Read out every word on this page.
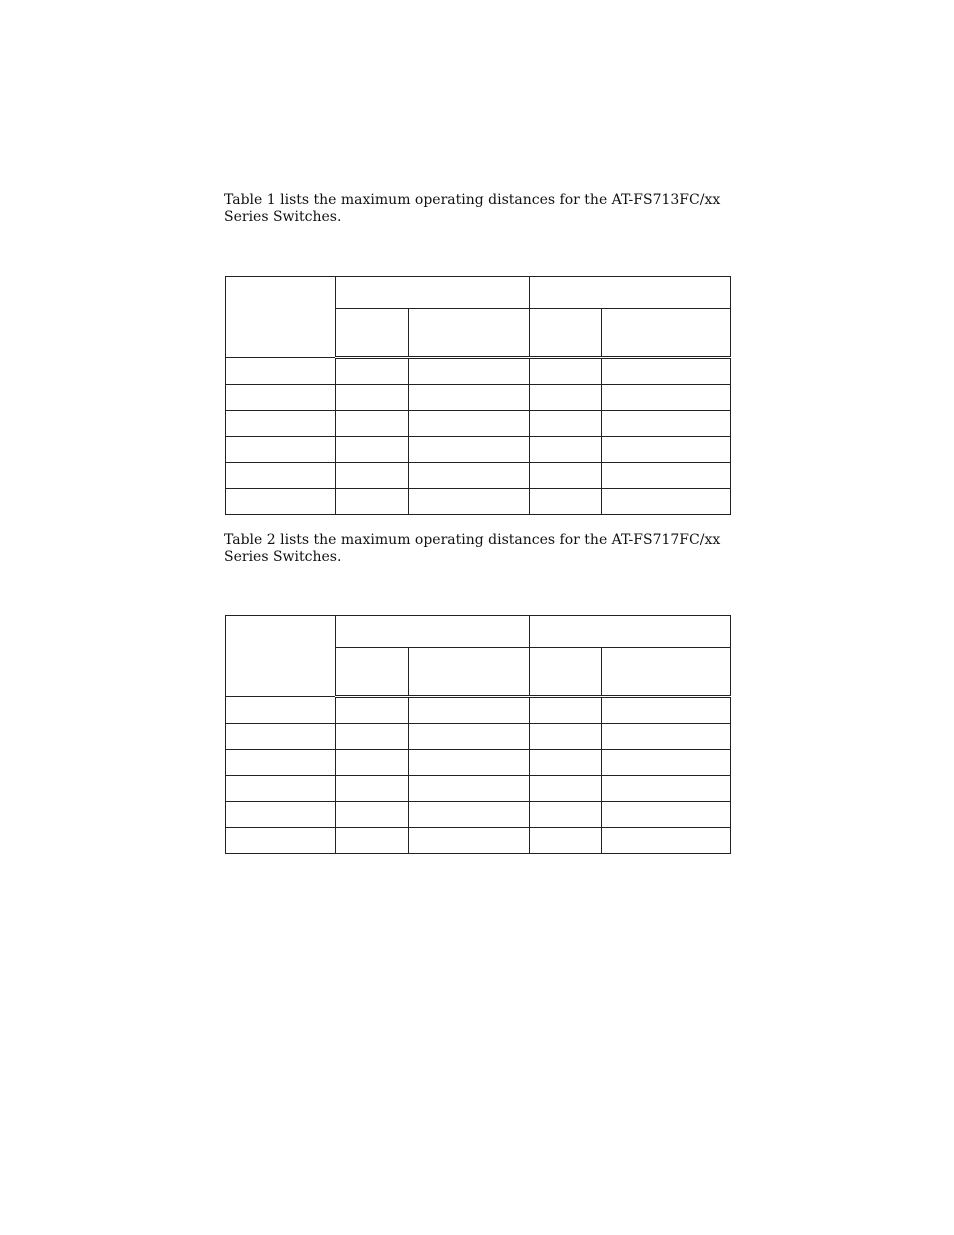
Table 1 lists the maximum operating distances for the AT-FS713FC/xx Series Switches.

Table 2 lists the maximum operating distances for the AT-FS717FC/xx Series Switches.
